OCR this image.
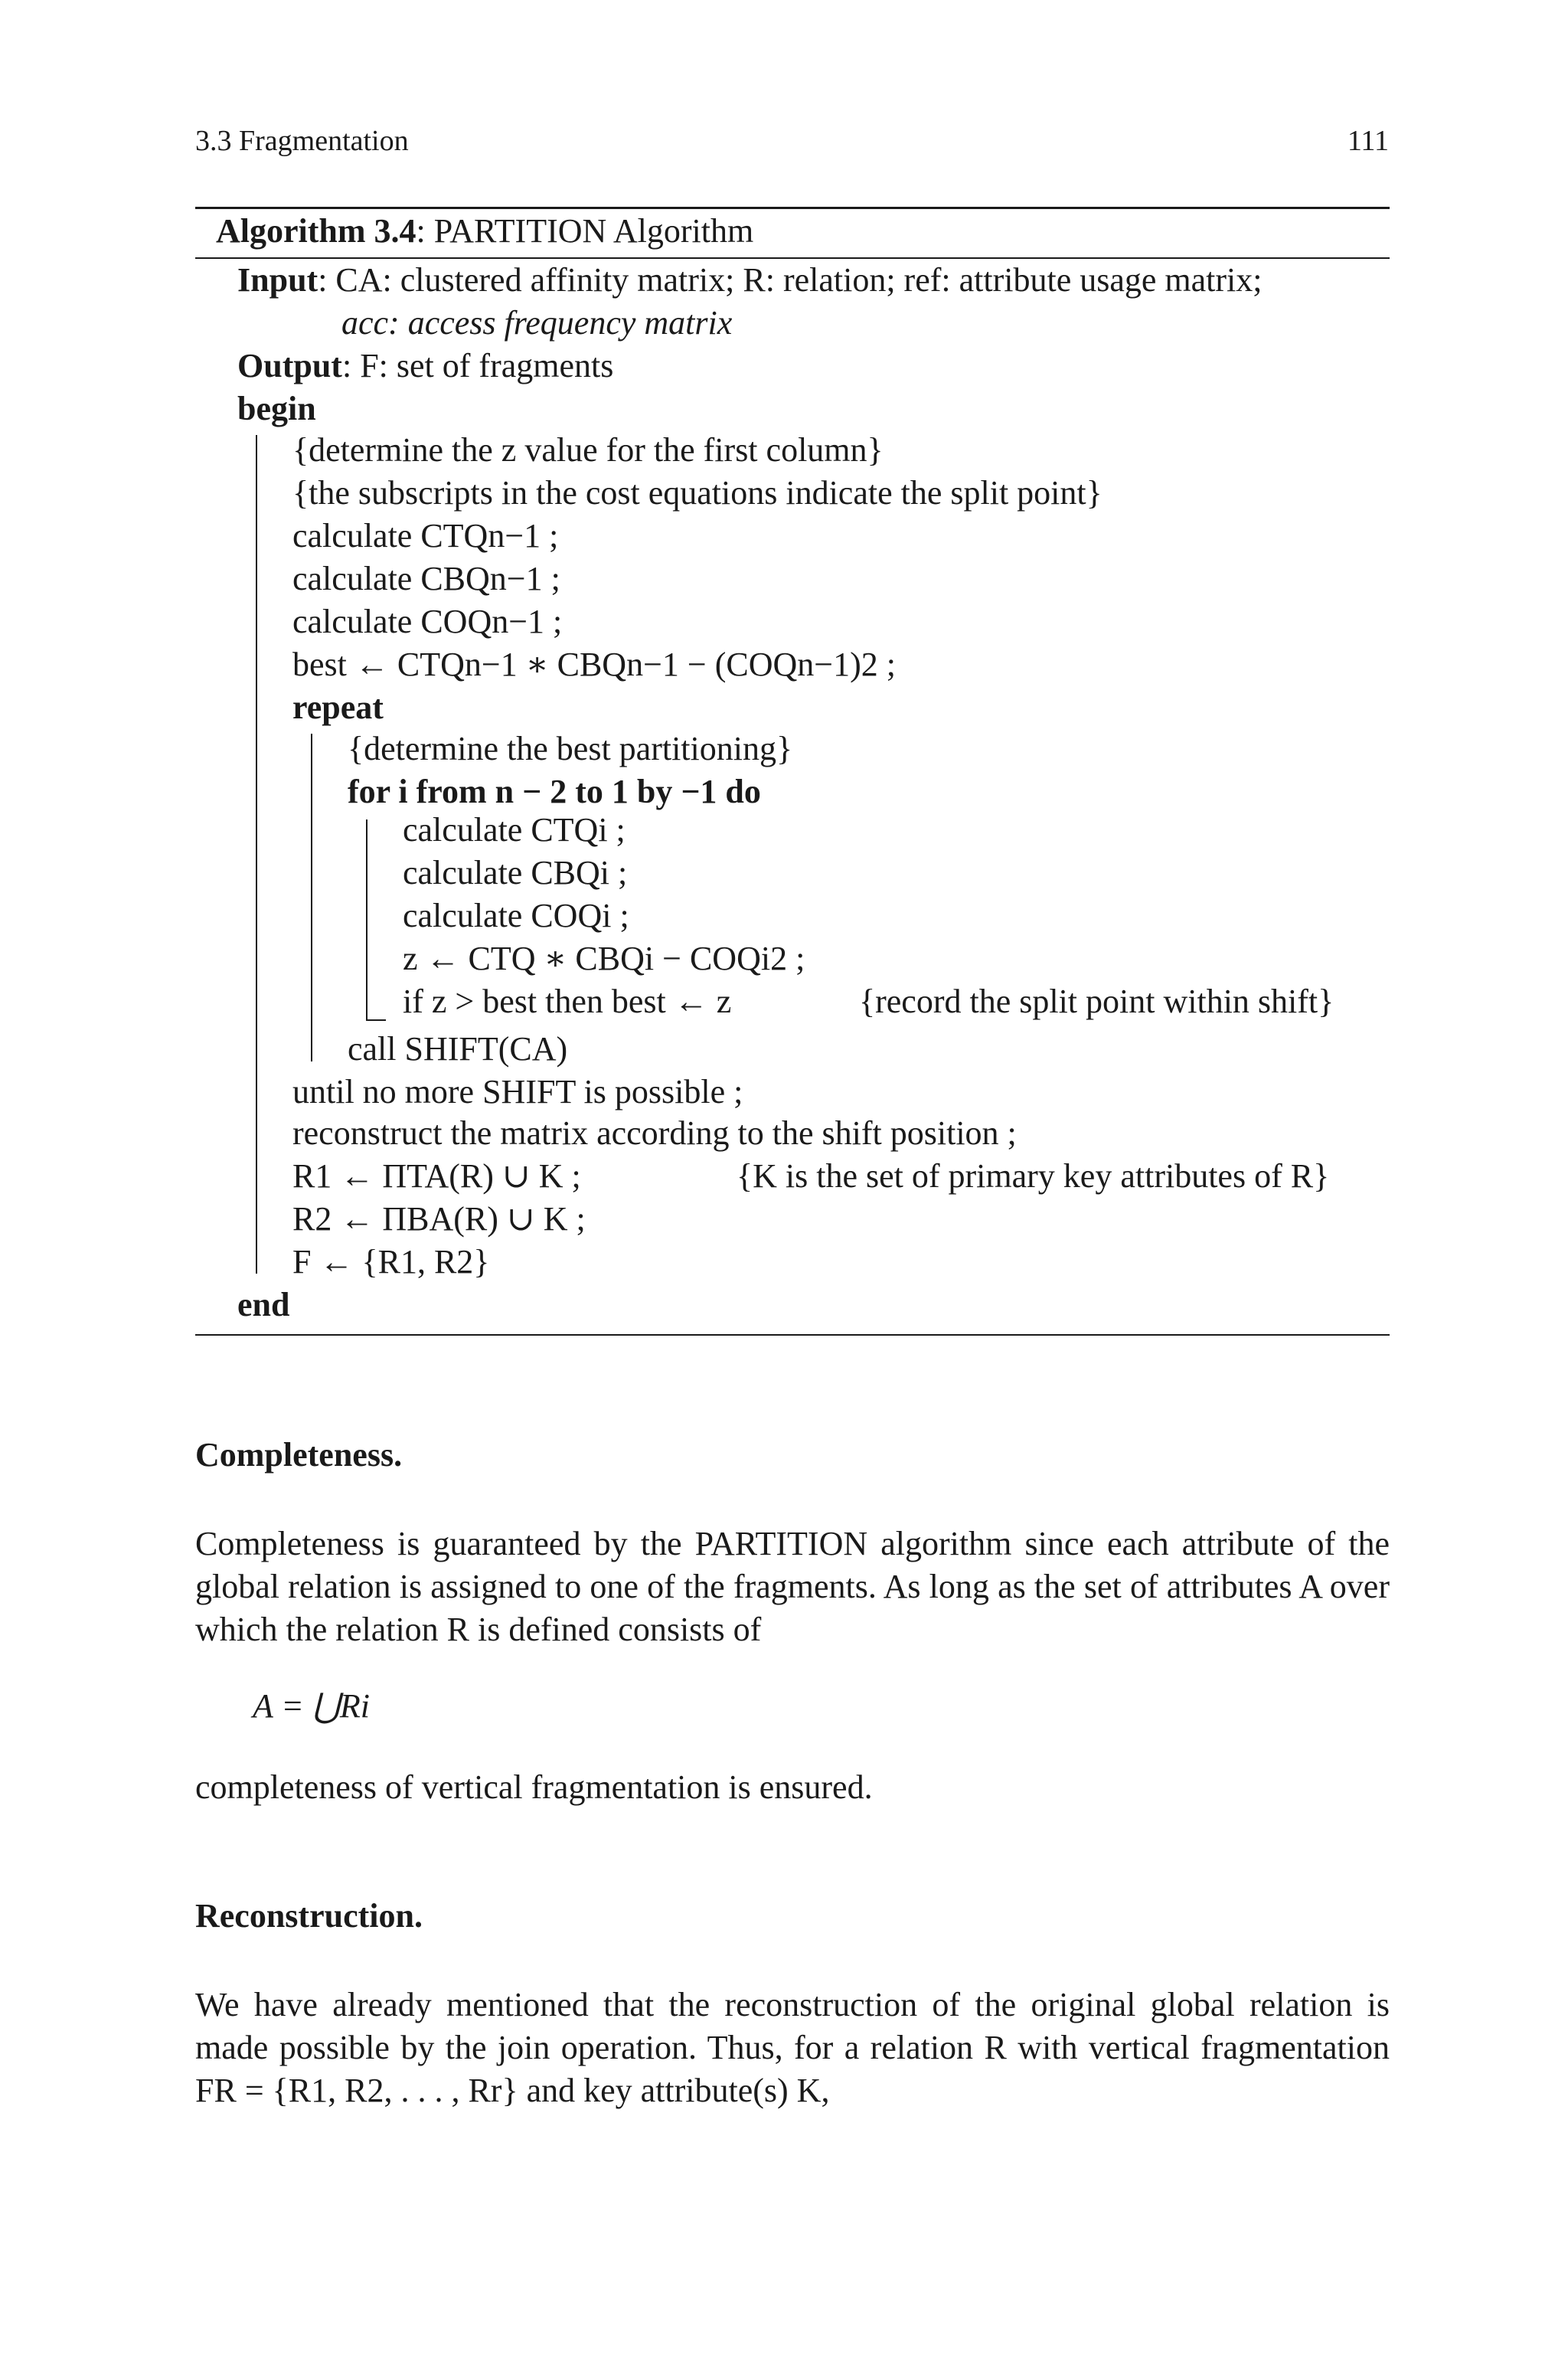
3.3 Fragmentation	111
Algorithm 3.4: PARTITION Algorithm
Input: CA: clustered affinity matrix; R: relation; ref: attribute usage matrix;
acc: access frequency matrix
Output: F: set of fragments
begin
{determine the z value for the first column}
{the subscripts in the cost equations indicate the split point}
calculate CTQn−1 ;
calculate CBQn−1 ;
calculate COQn−1 ;
best ← CTQn−1 ∗ CBQn−1 − (COQn−1)2 ;
repeat
{determine the best partitioning}
for i from n − 2 to 1 by −1 do
calculate CTQi ;
calculate CBQi ;
calculate COQi ;
z ← CTQ ∗ CBQi − COQi2 ;
if z > best then best ← z	{record the split point within shift}
call SHIFT(CA)
until no more SHIFT is possible ;
reconstruct the matrix according to the shift position ;
R1 ← ΠTA(R) ∪ K ;	{K is the set of primary key attributes of R}
R2 ← ΠBA(R) ∪ K ;
F ← {R1, R2}
end
Completeness.
Completeness is guaranteed by the PARTITION algorithm since each attribute of the global relation is assigned to one of the fragments. As long as the set of attributes A over which the relation R is defined consists of
A = ⋃Ri
completeness of vertical fragmentation is ensured.
Reconstruction.
We have already mentioned that the reconstruction of the original global relation is made possible by the join operation. Thus, for a relation R with vertical fragmentation FR = {R1, R2, . . . , Rr} and key attribute(s) K,
